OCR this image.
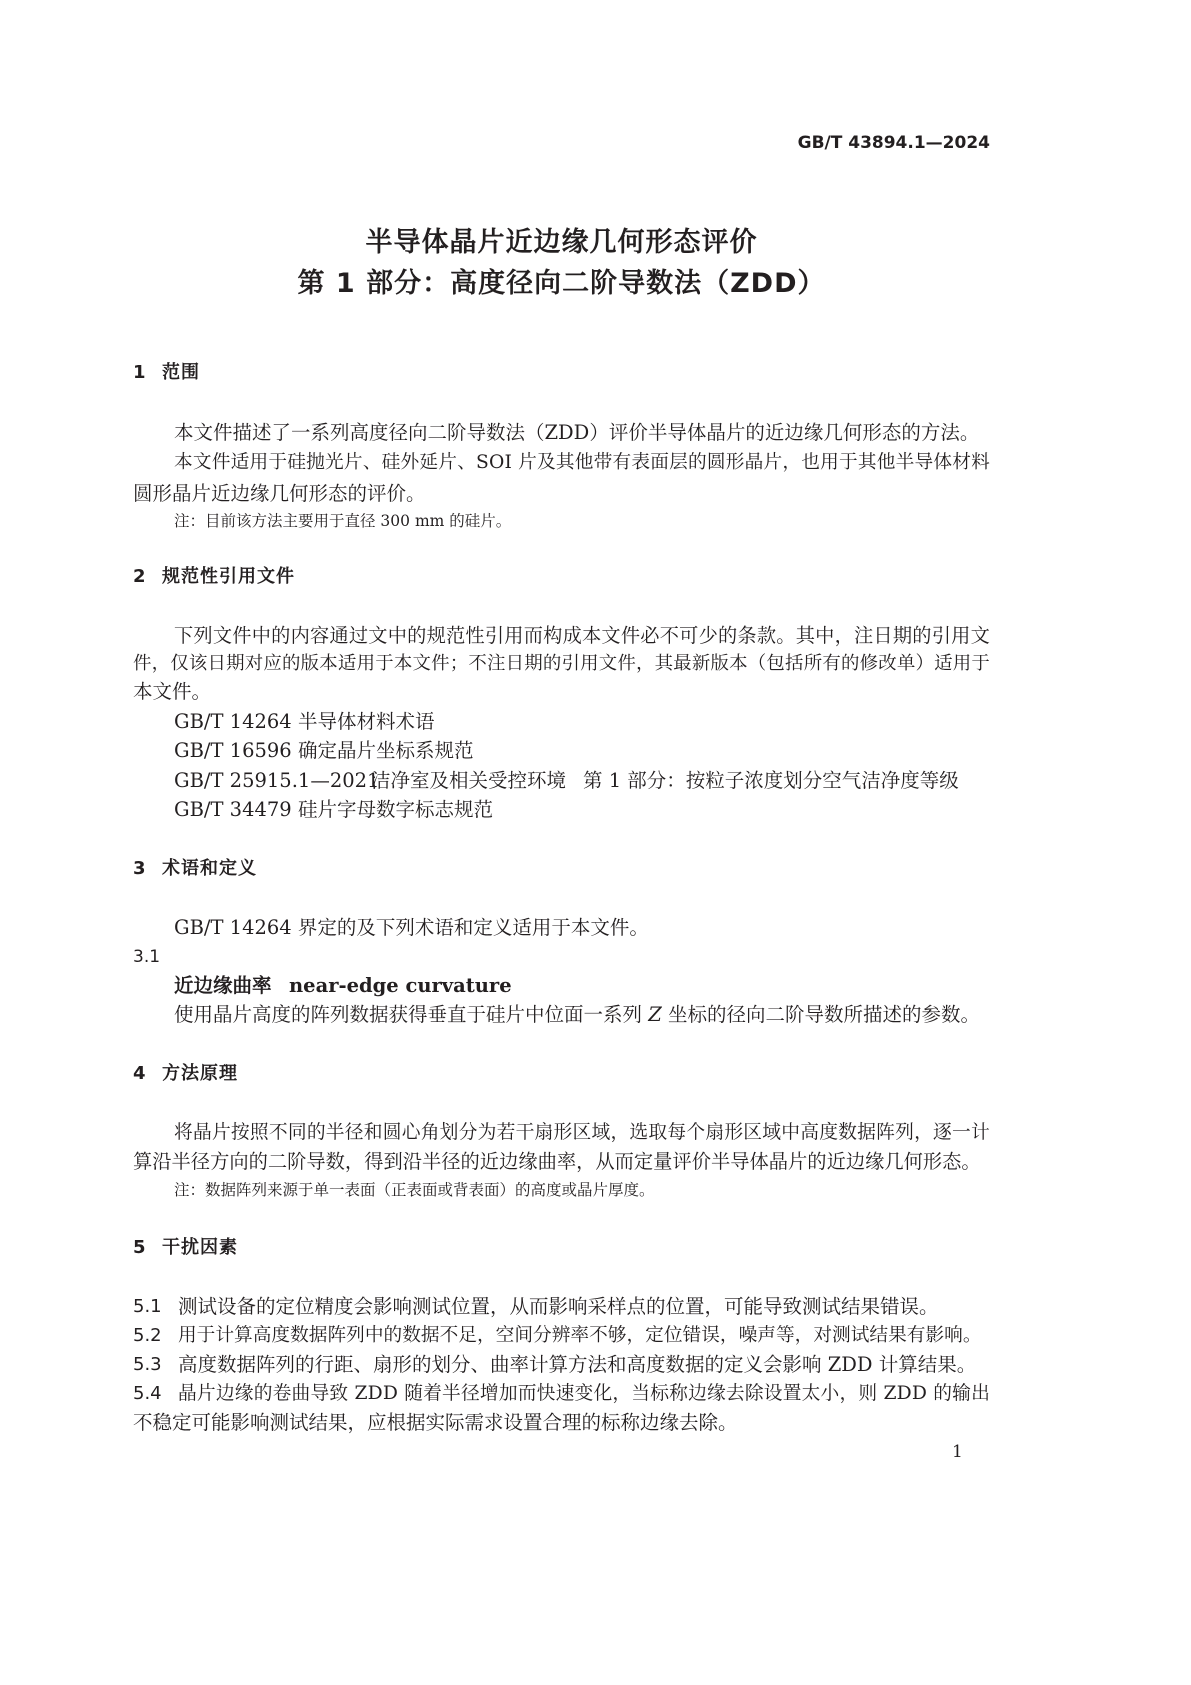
GB/T 43894.1—2024
半导体晶片近边缘几何形态评价
第 1 部分：高度径向二阶导数法（ZDD）
1 范围
本文件描述了一系列高度径向二阶导数法（ZDD）评价半导体晶片的近边缘几何形态的方法。
本文件适用于硅抛光片、硅外延片、SOI 片及其他带有表面层的圆形晶片，也用于其他半导体材料
圆形晶片近边缘几何形态的评价。
注：目前该方法主要用于直径 300 mm 的硅片。
2 规范性引用文件
下列文件中的内容通过文中的规范性引用而构成本文件必不可少的条款。其中，注日期的引用文
件，仅该日期对应的版本适用于本文件；不注日期的引用文件，其最新版本（包括所有的修改单）适用于
本文件。
GB/T 14264 半导体材料术语
GB/T 16596 确定晶片坐标系规范
GB/T 25915.1—2021
洁净室及相关受控环境 第 1 部分：按粒子浓度划分空气洁净度等级
GB/T 34479 硅片字母数字标志规范
3 术语和定义
GB/T 14264 界定的及下列术语和定义适用于本文件。
3.1
近边缘曲率 near-edge curvature
使用晶片高度的阵列数据获得垂直于硅片中位面一系列 Z 坐标的径向二阶导数所描述的参数。
4 方法原理
将晶片按照不同的半径和圆心角划分为若干扇形区域，选取每个扇形区域中高度数据阵列，逐一计
算沿半径方向的二阶导数，得到沿半径的近边缘曲率，从而定量评价半导体晶片的近边缘几何形态。
注：数据阵列来源于单一表面（正表面或背表面）的高度或晶片厚度。
5 干扰因素
5.1 测试设备的定位精度会影响测试位置，从而影响采样点的位置，可能导致测试结果错误。
5.2 用于计算高度数据阵列中的数据不足，空间分辨率不够，定位错误，噪声等，对测试结果有影响。
5.3 高度数据阵列的行距、扇形的划分、曲率计算方法和高度数据的定义会影响 ZDD 计算结果。
5.4 晶片边缘的卷曲导致 ZDD 随着半径增加而快速变化，当标称边缘去除设置太小，则 ZDD 的输出
不稳定可能影响测试结果，应根据实际需求设置合理的标称边缘去除。
1
